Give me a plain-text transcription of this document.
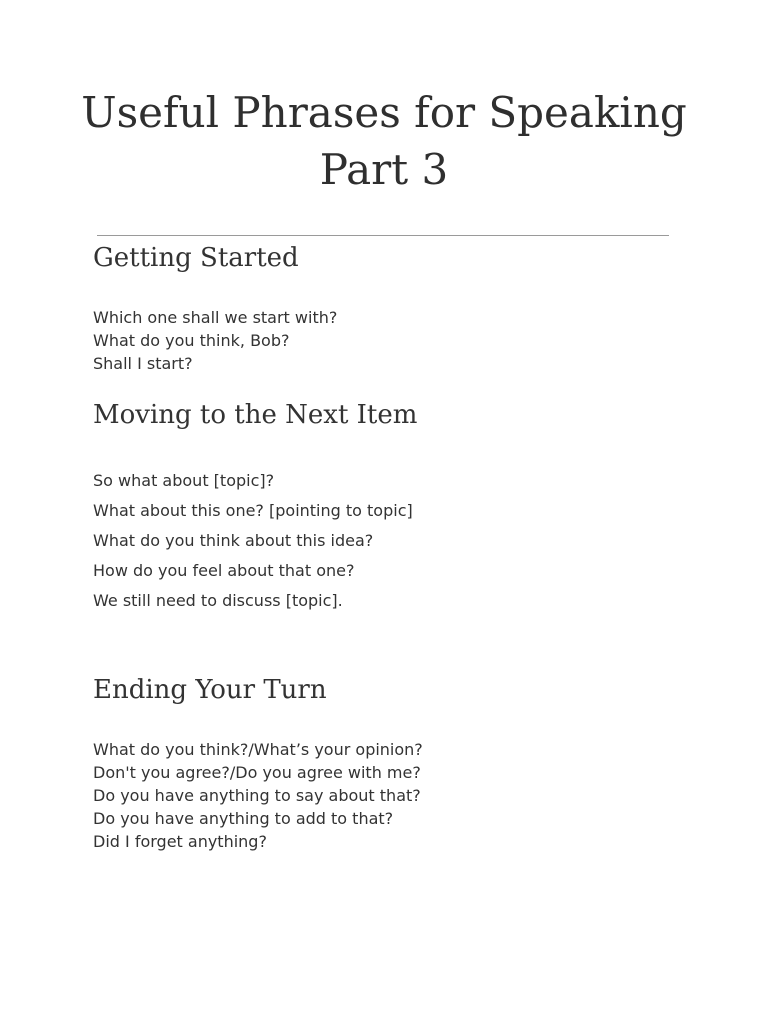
Useful Phrases for Speaking
Part 3
Getting Started
Which one shall we start with?
What do you think, Bob?
Shall I start?
Moving to the Next Item
So what about [topic]?
What about this one? [pointing to topic]
What do you think about this idea?
How do you feel about that one?
We still need to discuss [topic].
Ending Your Turn
What do you think?/What’s your opinion?
Don't you agree?/Do you agree with me?
Do you have anything to say about that?
Do you have anything to add to that?
Did I forget anything?
